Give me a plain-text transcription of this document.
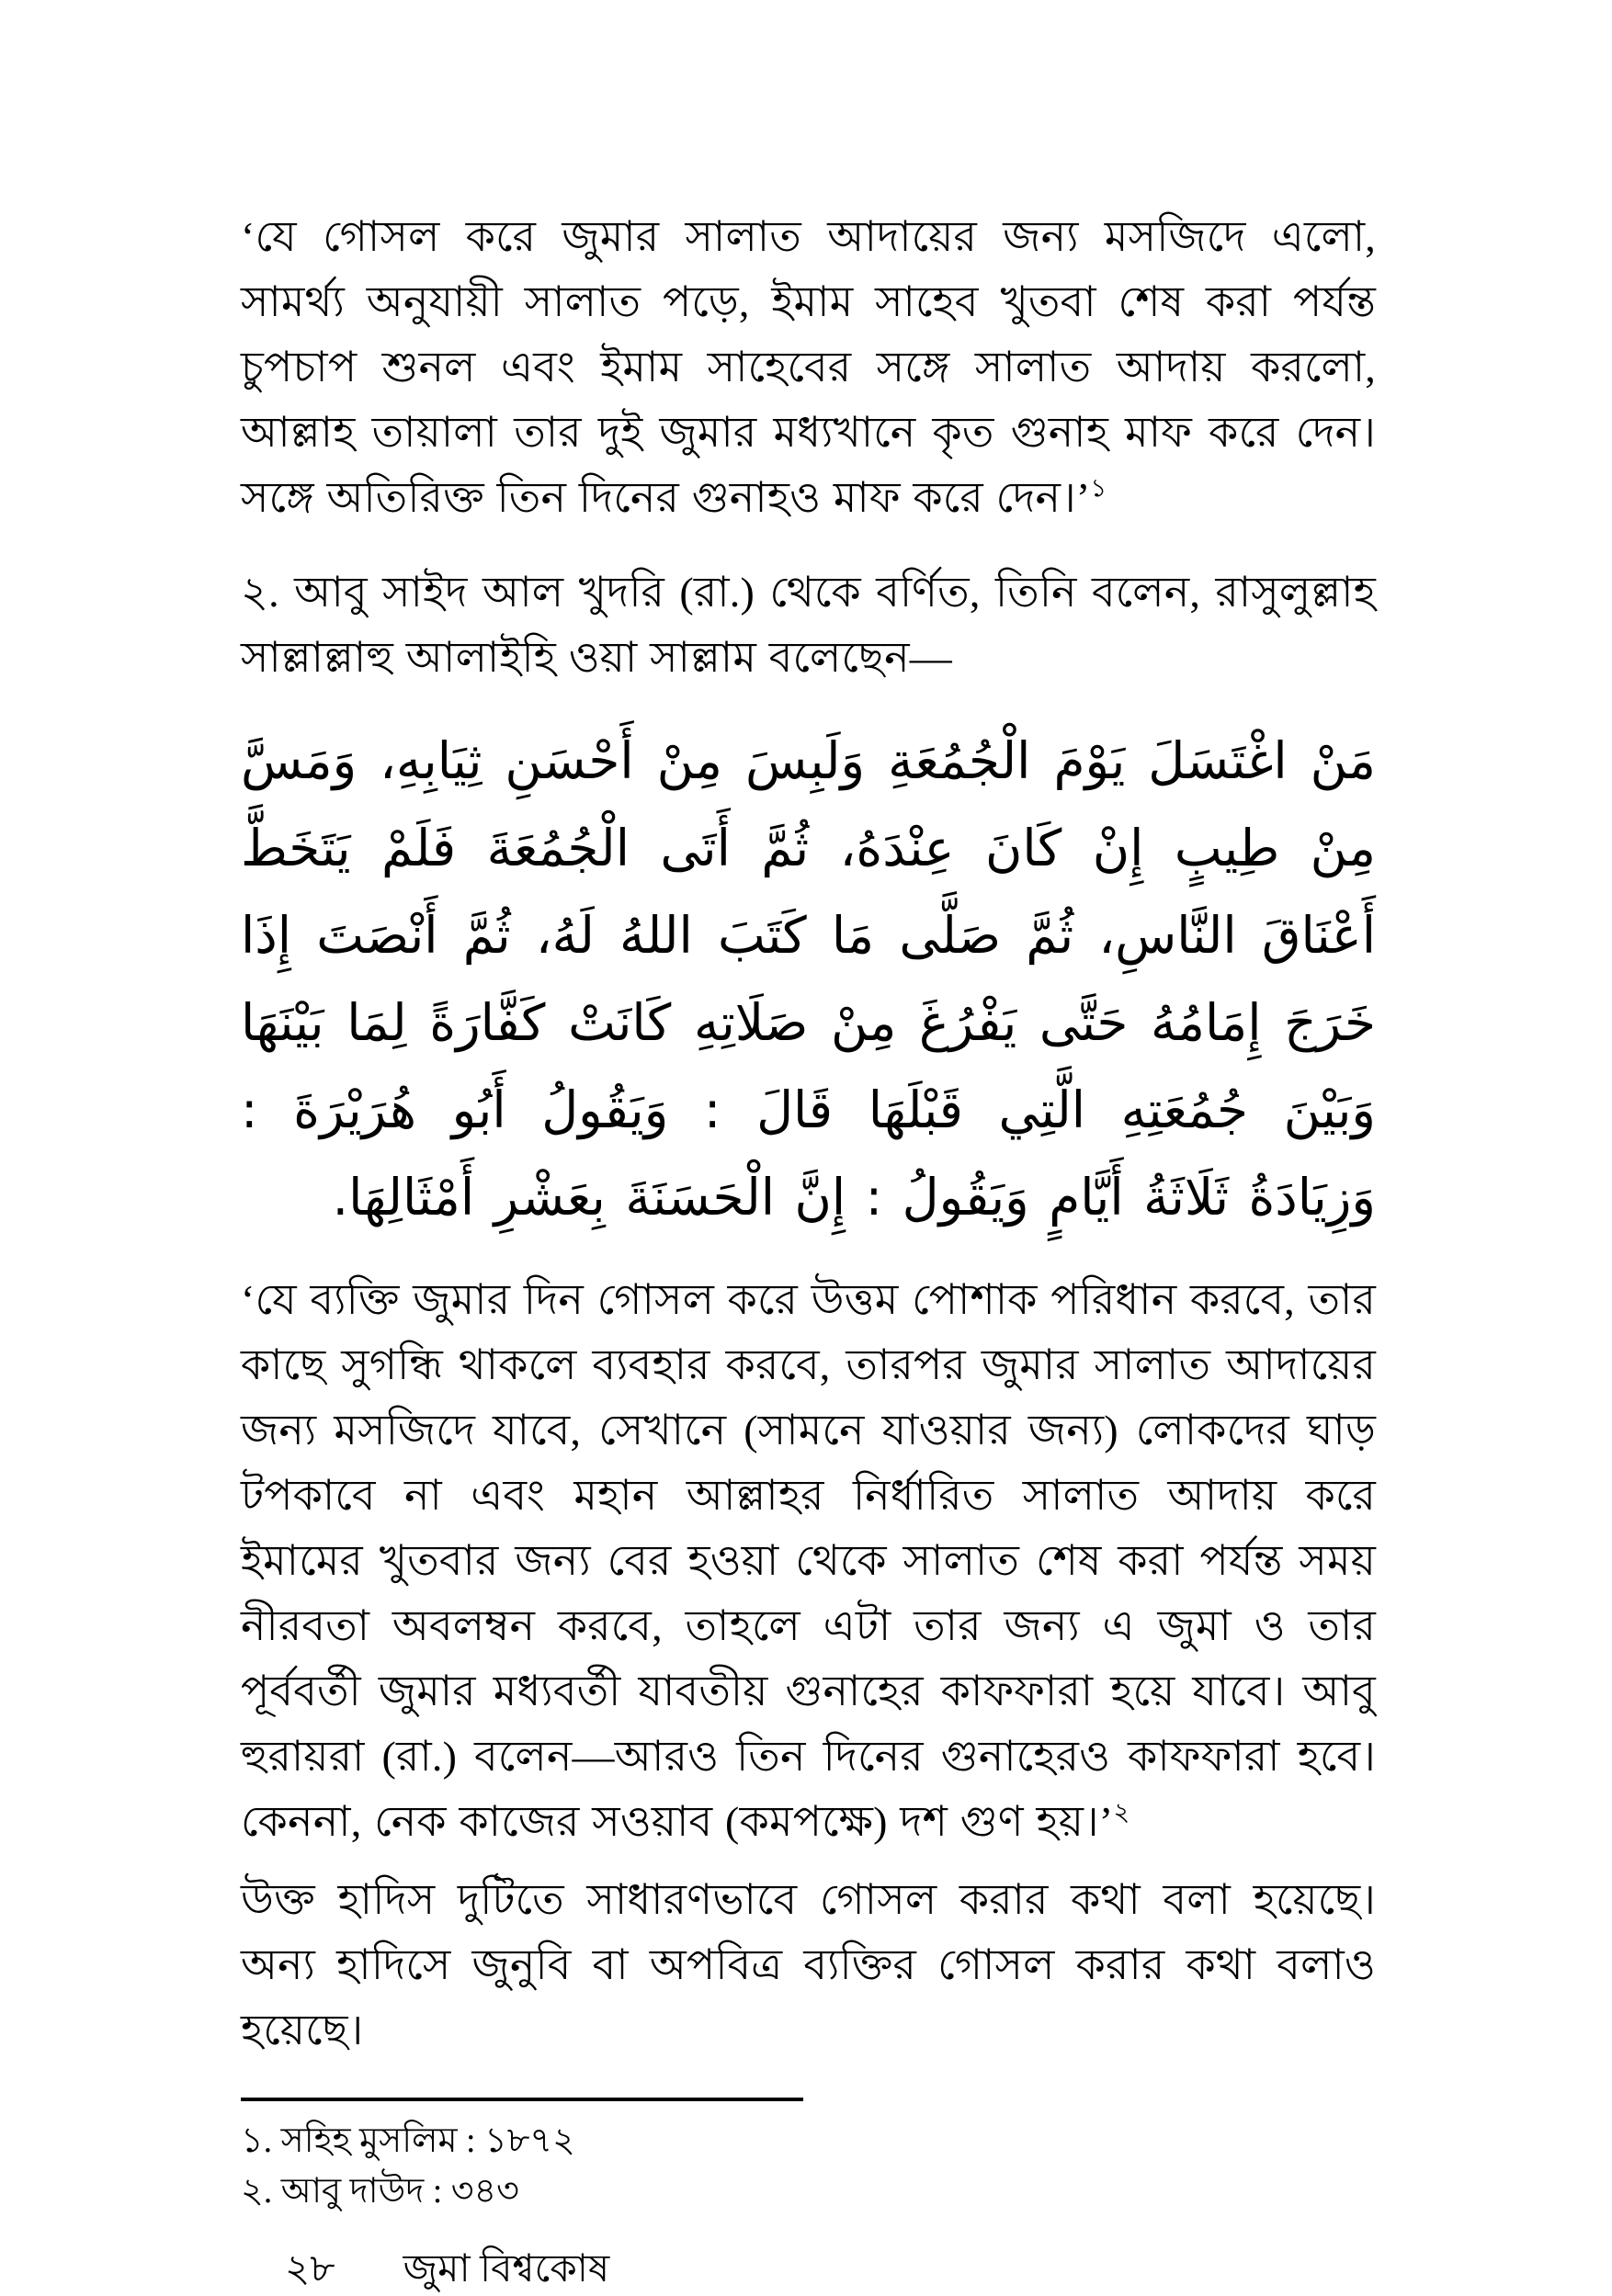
‘যে গোসল করে জুমার সালাত আদায়ের জন্য মসজিদে এলো, সামর্থ্য অনুযায়ী সালাত পড়ে, ইমাম সাহেব খুতবা শেষ করা পর্যন্ত চুপচাপ শুনল এবং ইমাম সাহেবের সঙ্গে সালাত আদায় করলো, আল্লাহ তায়ালা তার দুই জুমার মধ্যখানে কৃত গুনাহ মাফ করে দেন। সঙ্গে অতিরিক্ত তিন দিনের গুনাহও মাফ করে দেন।’$^১$

২. আবু সাইদ আল খুদরি (রা.) থেকে বর্ণিত, তিনি বলেন, রাসুলুল্লাহ সাল্লাল্লাহু আলাইহি ওয়া সাল্লাম বলেছেন—

مَنْ اغْتَسَلَ يَوْمَ الْجُمُعَةِ وَلَبِسَ مِنْ أَحْسَنِ ثِيَابِهِ، وَمَسَّ مِنْ طِيبٍ إِنْ كَانَ عِنْدَهُ، ثُمَّ أَتَى الْجُمُعَةَ فَلَمْ يَتَخَطَّ أَعْنَاقَ النَّاسِ، ثُمَّ صَلَّى مَا كَتَبَ اللهُ لَهُ، ثُمَّ أَنْصَتَ إِذَا خَرَجَ إِمَامُهُ حَتَّى يَفْرُغَ مِنْ صَلَاتِهِ كَانَتْ كَفَّارَةً لِمَا بَيْنَهَا وَبَيْنَ جُمُعَتِهِ الَّتِي قَبْلَهَا قَالَ : وَيَقُولُ أَبُو هُرَيْرَةَ : وَزِيَادَةُ ثَلَاثَةُ أَيَّامٍ وَيَقُولُ : إِنَّ الْحَسَنَةَ بِعَشْرِ أَمْثَالِهَا.

‘যে ব্যক্তি জুমার দিন গোসল করে উত্তম পোশাক পরিধান করবে, তার কাছে সুগন্ধি থাকলে ব্যবহার করবে, তারপর জুমার সালাত আদায়ের জন্য মসজিদে যাবে, সেখানে (সামনে যাওয়ার জন্য) লোকদের ঘাড় টপকাবে না এবং মহান আল্লাহর নির্ধারিত সালাত আদায় করে ইমামের খুতবার জন্য বের হওয়া থেকে সালাত শেষ করা পর্যন্ত সময় নীরবতা অবলম্বন করবে, তাহলে এটা তার জন্য এ জুমা ও তার পূর্ববর্তী জুমার মধ্যবর্তী যাবতীয় গুনাহের কাফফারা হয়ে যাবে। আবু হুরায়রা (রা.) বলেন—আরও তিন দিনের গুনাহেরও কাফফারা হবে। কেননা, নেক কাজের সওয়াব (কমপক্ষে) দশ গুণ হয়।’$^২$

উক্ত হাদিস দুটিতে সাধারণভাবে গোসল করার কথা বলা হয়েছে। অন্য হাদিসে জুনুবি বা অপবিত্র ব্যক্তির গোসল করার কথা বলাও হয়েছে।

১. সহিহ মুসলিম : ১৮৭২

২. আবু দাউদ : ৩৪৩

২৮ জুমা বিশ্বকোষ
